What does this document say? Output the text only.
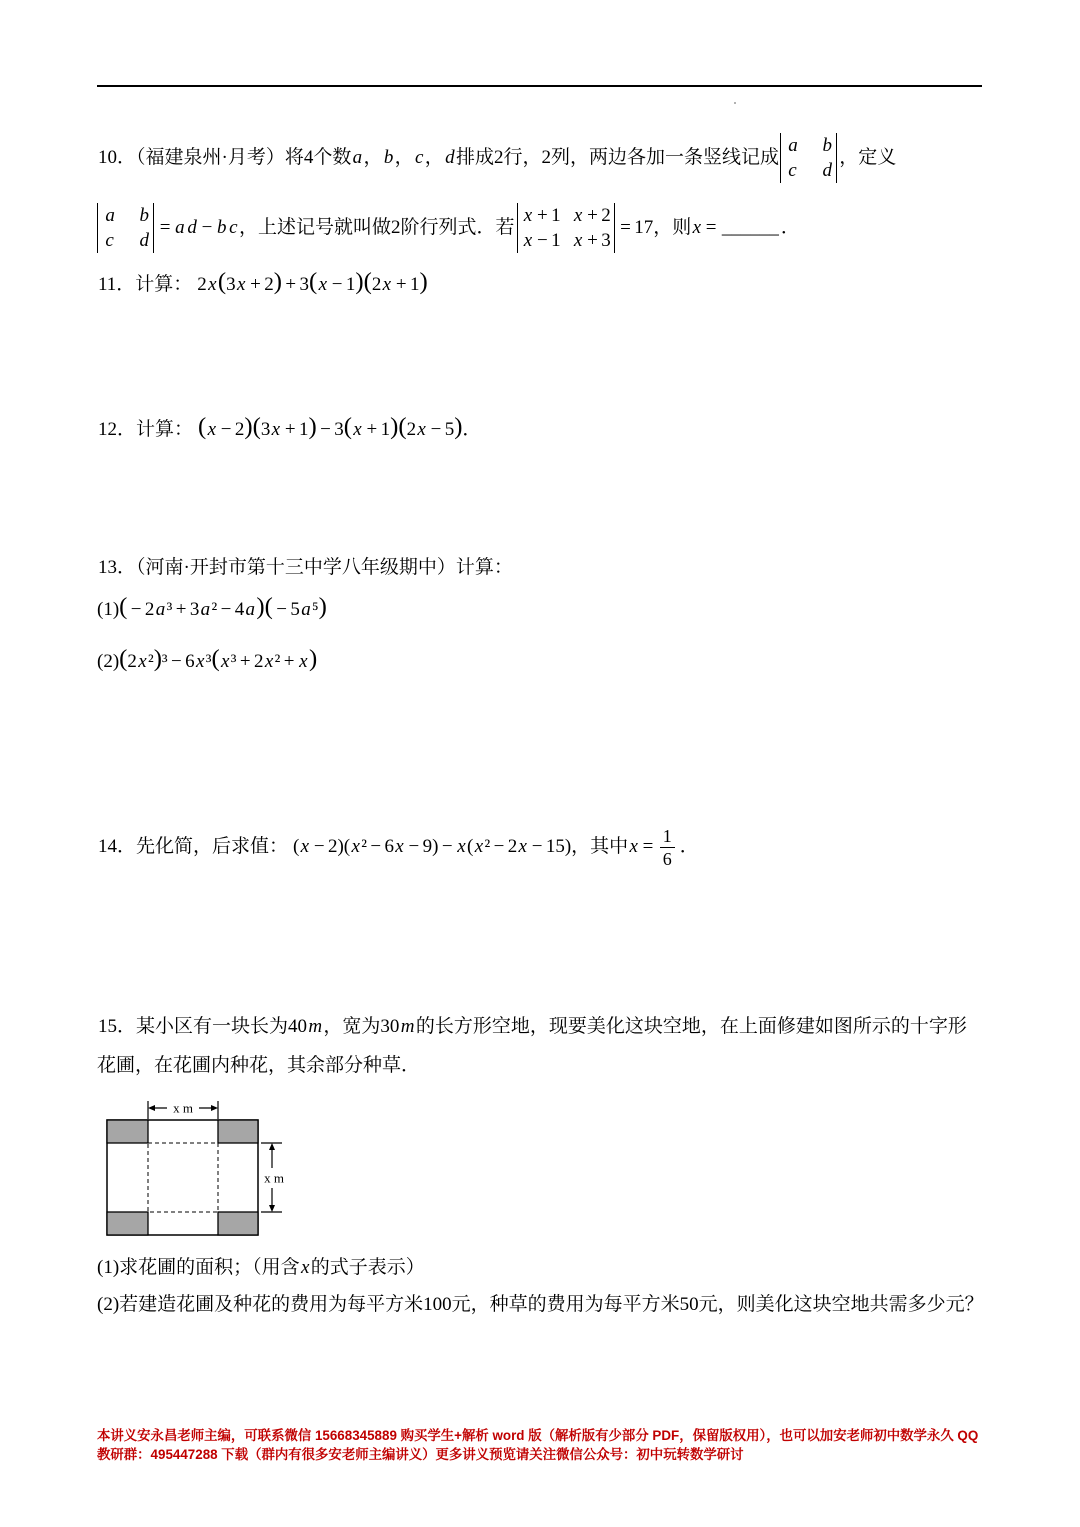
10．（福建泉州·月考）将4个数a，b，c，d排成2行，2列，两边各加一条竖线记成
a b
c d
，定义
a b
c d
= a d − b c，上述记号就叫做2阶行列式．若
x + 1 x + 2
x − 1 x + 3
= 17，则x = ______ ．
11．计算： 2x(3x + 2) + 3(x − 1)(2x + 1)
12．计算： (x − 2)(3x + 1) − 3(x + 1)(2x − 5) ．
13．（河南·开封市第十三中学八年级期中）计算：
(1) ( − 2a³ + 3a² − 4a)( − 5a⁵)
(2) (2x²)³ − 6x³(x³ + 2x² + x)
14．先化简，后求值： (x − 2)(x² − 6x − 9) − x(x² − 2x − 15) ，其中 $x = \frac{1}{6}$ ．
15．某小区有一块长为40m，宽为30m的长方形空地，现要美化这块空地，在上面修建如图所示的十字形
花圃，在花圃内种花，其余部分种草．
x m
x m
(1)求花圃的面积；（用含x的式子表示）
(2)若建造花圃及种花的费用为每平方米100元，种草的费用为每平方米50元，则美化这块空地共需多少元？
本讲义安永昌老师主编，可联系微信 15668345889 购买学生+解析 word 版（解析版有少部分 PDF，保留版权用），也可以加安老师初中数学永久 QQ
教研群：495447288 下载（群内有很多安老师主编讲义）更多讲义预览请关注微信公众号：初中玩转数学研讨
